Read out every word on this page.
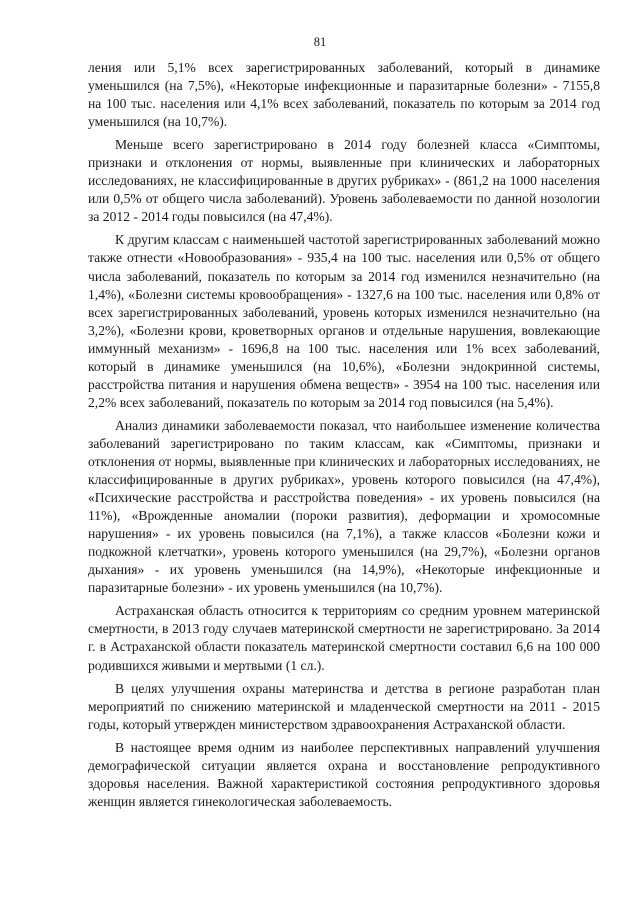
81

ления или 5,1% всех зарегистрированных заболеваний, который в динамике уменьшился (на 7,5%), «Некоторые инфекционные и паразитарные болезни» - 7155,8 на 100 тыс. населения или 4,1% всех заболеваний, показатель по которым за 2014 год уменьшился (на 10,7%).

Меньше всего зарегистрировано в 2014 году болезней класса «Симптомы, признаки и отклонения от нормы, выявленные при клинических и лабораторных исследованиях, не классифицированные в других рубриках» - (861,2 на 1000 населения или 0,5% от общего числа заболеваний). Уровень заболеваемости по данной нозологии за 2012 - 2014 годы повысился (на 47,4%).

К другим классам с наименьшей частотой зарегистрированных заболеваний можно также отнести «Новообразования» - 935,4 на 100 тыс. населения или 0,5% от общего числа заболеваний, показатель по которым за 2014 год изменился незначительно (на 1,4%), «Болезни системы кровообращения» - 1327,6 на 100 тыс. населения или 0,8% от всех зарегистрированных заболеваний, уровень которых изменился незначительно (на 3,2%), «Болезни крови, кроветворных органов и отдельные нарушения, вовлекающие иммунный механизм» - 1696,8 на 100 тыс. населения или 1% всех заболеваний, который в динамике уменьшился (на 10,6%), «Болезни эндокринной системы, расстройства питания и нарушения обмена веществ» - 3954 на 100 тыс. населения или 2,2% всех заболеваний, показатель по которым за 2014 год повысился (на 5,4%).

Анализ динамики заболеваемости показал, что наибольшее изменение количества заболеваний зарегистрировано по таким классам, как «Симптомы, признаки и отклонения от нормы, выявленные при клинических и лабораторных исследованиях, не классифицированные в других рубриках», уровень которого повысился (на 47,4%), «Психические расстройства и расстройства поведения» - их уровень повысился (на 11%), «Врожденные аномалии (пороки развития), деформации и хромосомные нарушения» - их уровень повысился (на 7,1%), а также классов «Болезни кожи и подкожной клетчатки», уровень которого уменьшился (на 29,7%), «Болезни органов дыхания» - их уровень уменьшился (на 14,9%), «Некоторые инфекционные и паразитарные болезни» - их уровень уменьшился (на 10,7%).

Астраханская область относится к территориям со средним уровнем материнской смертности, в 2013 году случаев материнской смертности не зарегистрировано. За 2014 г. в Астраханской области показатель материнской смертности составил 6,6 на 100 000 родившихся живыми и мертвыми (1 сл.).

В целях улучшения охраны материнства и детства в регионе разработан план мероприятий по снижению материнской и младенческой смертности на 2011 - 2015 годы, который утвержден министерством здравоохранения Астраханской области.

В настоящее время одним из наиболее перспективных направлений улучшения демографической ситуации является охрана и восстановление репродуктивного здоровья населения. Важной характеристикой состояния репродуктивного здоровья женщин является гинекологическая заболеваемость.
